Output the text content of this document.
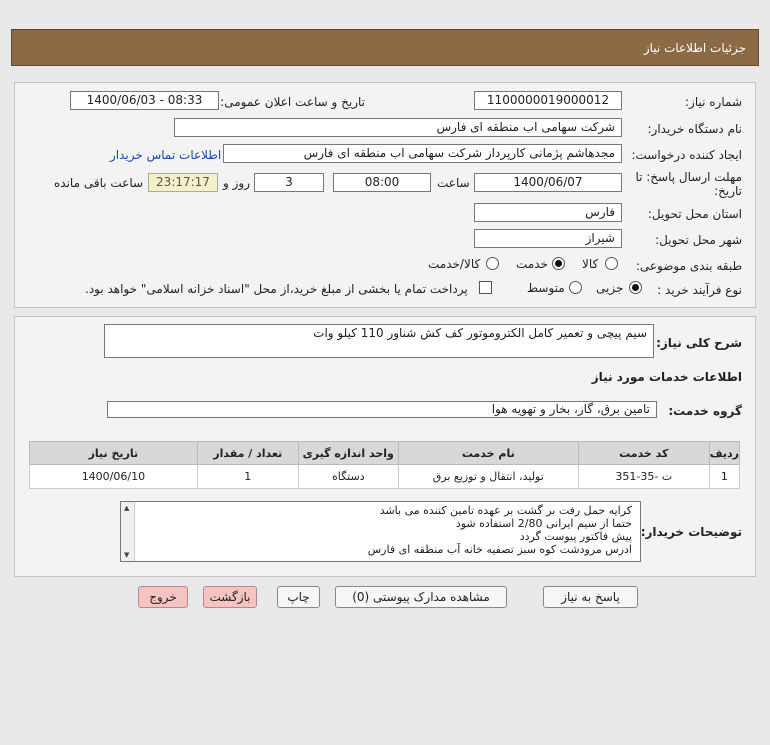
جزئیات اطلاعات نیاز
شماره نیاز:
1100000019000012
تاریخ و ساعت اعلان عمومی:
1400/06/03 - 08:33
نام دستگاه خریدار:
شرکت سهامی اب منطقه ای فارس
ایجاد کننده درخواست:
مجدهاشم پژمانی کارپرداز شرکت سهامی اب منطقه ای فارس
اطلاعات تماس خریدار
مهلت ارسال پاسخ: تا
تاریخ:
1400/06/07
ساعت
08:00
3
روز و
23:17:17
ساعت باقی مانده
استان محل تحویل:
فارس
شهر محل تحویل:
شیراز
طبقه بندی موضوعی:
کالا
خدمت
کالا/خدمت
نوع فرآیند خرید :
جزیی
متوسط
پرداخت تمام یا بخشی از مبلغ خرید،از محل "اسناد خزانه اسلامی" خواهد بود.
شرح کلی نیاز:
سیم پیچی و تعمیر کامل الکتروموتور کف کش شناور 110 کیلو وات
اطلاعات خدمات مورد نیاز
گروه خدمت:
تامین برق، گاز، بخار و تهویه هوا
ردیف	کد خدمت	نام خدمت	واحد اندازه گیری	تعداد / مقدار	تاریخ نیاز
1	ت -35-351	تولید، انتقال و توزیع برق	دستگاه	1	1400/06/10
توضیحات خریدار:
کرایه حمل رفت بر گشت بر عهده تامین کننده می باشد
حتما از سیم ایرانی 2/80 استفاده شود
پیش فاکتور پیوست گردد
ادرس مرودشت کوه سبز تصفیه خانه آب منطقه ای فارس
▲
▼
پاسخ به نیاز
مشاهده مدارک پیوستی (0)
چاپ
بازگشت
خروج
